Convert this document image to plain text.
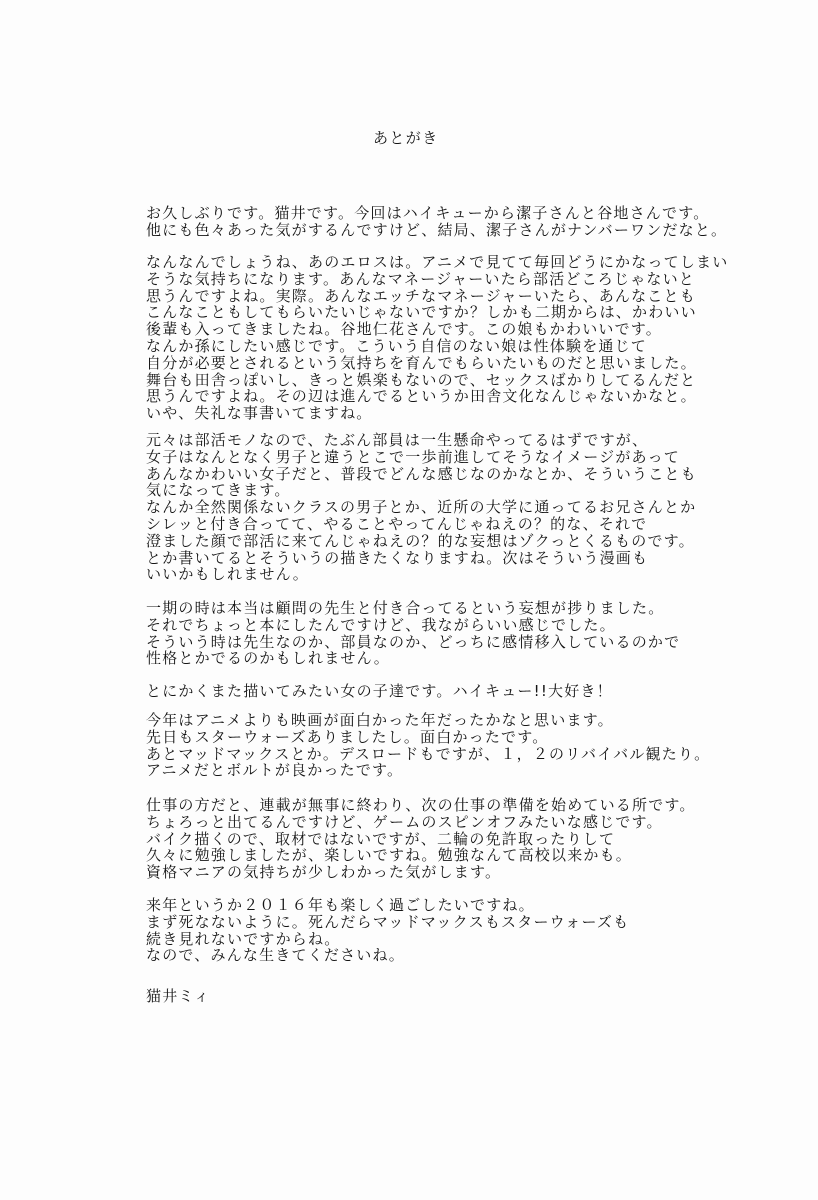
あとがき
お久しぶりです。猫井です。今回はハイキューから潔子さんと谷地さんです。
他にも色々あった気がするんですけど、結局、潔子さんがナンバーワンだなと。
なんなんでしょうね、あのエロスは。アニメで見てて毎回どうにかなってしまい
そうな気持ちになります。あんなマネージャーいたら部活どころじゃないと
思うんですよね。実際。あんなエッチなマネージャーいたら、あんなことも
こんなこともしてもらいたいじゃないですか？しかも二期からは、かわいい
後輩も入ってきましたね。谷地仁花さんです。この娘もかわいいです。
なんか孫にしたい感じです。こういう自信のない娘は性体験を通じて
自分が必要とされるという気持ちを育んでもらいたいものだと思いました。
舞台も田舎っぽいし、きっと娯楽もないので、セックスばかりしてるんだと
思うんですよね。その辺は進んでるというか田舎文化なんじゃないかなと。
いや、失礼な事書いてますね。
元々は部活モノなので、たぶん部員は一生懸命やってるはずですが、
女子はなんとなく男子と違うとこで一歩前進してそうなイメージがあって
あんなかわいい女子だと、普段でどんな感じなのかなとか、そういうことも
気になってきます。
なんか全然関係ないクラスの男子とか、近所の大学に通ってるお兄さんとか
シレッと付き合ってて、やることやってんじゃねえの？的な、それで
澄ました顔で部活に来てんじゃねえの？的な妄想はゾクっとくるものです。
とか書いてるとそういうの描きたくなりますね。次はそういう漫画も
いいかもしれません。
一期の時は本当は顧問の先生と付き合ってるという妄想が捗りました。
それでちょっと本にしたんですけど、我ながらいい感じでした。
そういう時は先生なのか、部員なのか、どっちに感情移入しているのかで
性格とかでるのかもしれません。
とにかくまた描いてみたい女の子達です。ハイキュー!!大好き！
今年はアニメよりも映画が面白かった年だったかなと思います。
先日もスターウォーズありましたし。面白かったです。
あとマッドマックスとか。デスロードもですが、１，２のリバイバル観たり。
アニメだとボルトが良かったです。
仕事の方だと、連載が無事に終わり、次の仕事の準備を始めている所です。
ちょろっと出てるんですけど、ゲームのスピンオフみたいな感じです。
バイク描くので、取材ではないですが、二輪の免許取ったりして
久々に勉強しましたが、楽しいですね。勉強なんて高校以来かも。
資格マニアの気持ちが少しわかった気がします。
来年というか２０１６年も楽しく過ごしたいですね。
まず死なないように。死んだらマッドマックスもスターウォーズも
続き見れないですからね。
なので、みんな生きてくださいね。
猫井ミィ
